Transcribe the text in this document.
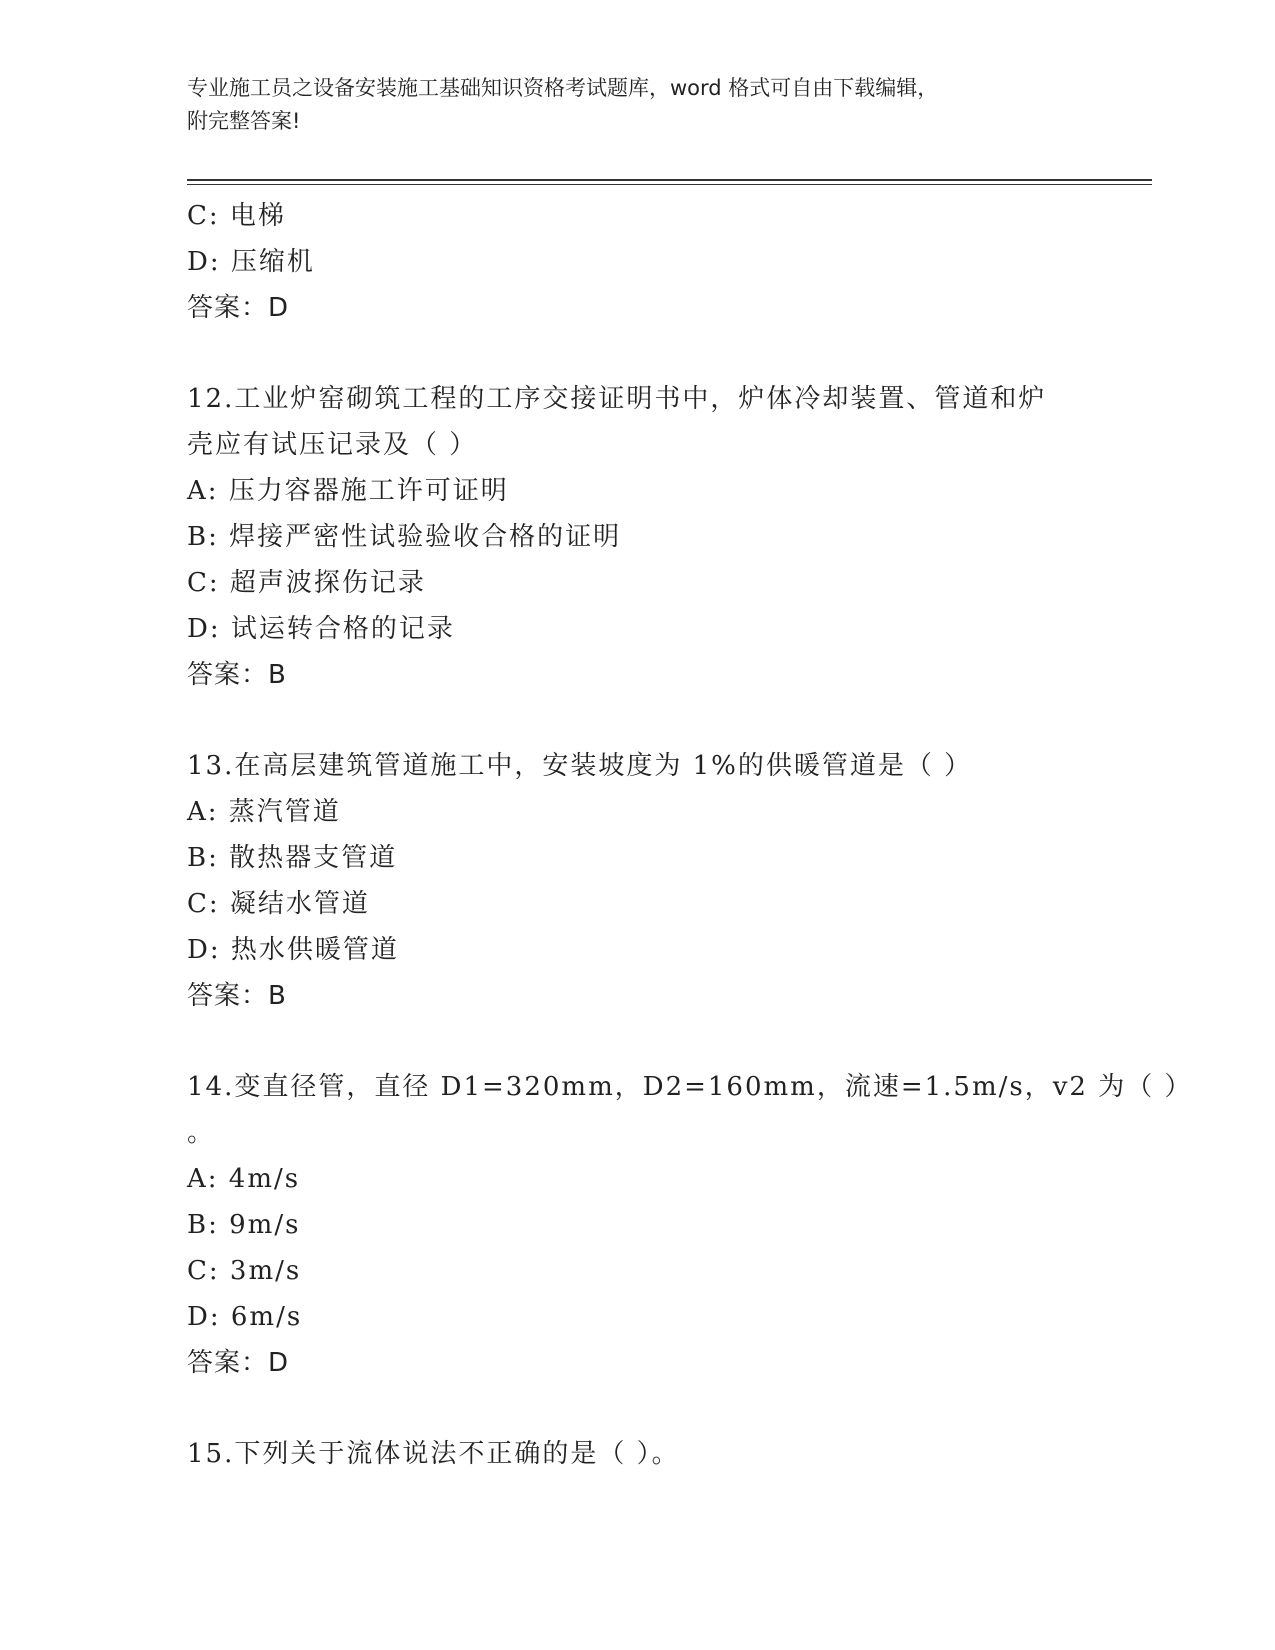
专业施工员之设备安装施工基础知识资格考试题库，word 格式可自由下载编辑，
附完整答案!
C: 电梯
D: 压缩机
答案：D
12.工业炉窑砌筑工程的工序交接证明书中，炉体冷却装置、管道和炉
壳应有试压记录及（ ）
A: 压力容器施工许可证明
B: 焊接严密性试验验收合格的证明
C: 超声波探伤记录
D: 试运转合格的记录
答案：B
13.在高层建筑管道施工中，安装坡度为 1%的供暖管道是（ ）
A: 蒸汽管道
B: 散热器支管道
C: 凝结水管道
D: 热水供暖管道
答案：B
14.变直径管，直径 D1=320mm，D2=160mm，流速=1.5m/s，v2 为（ ）
。
A: 4m/s
B: 9m/s
C: 3m/s
D: 6m/s
答案：D
15.下列关于流体说法不正确的是（ ）。
